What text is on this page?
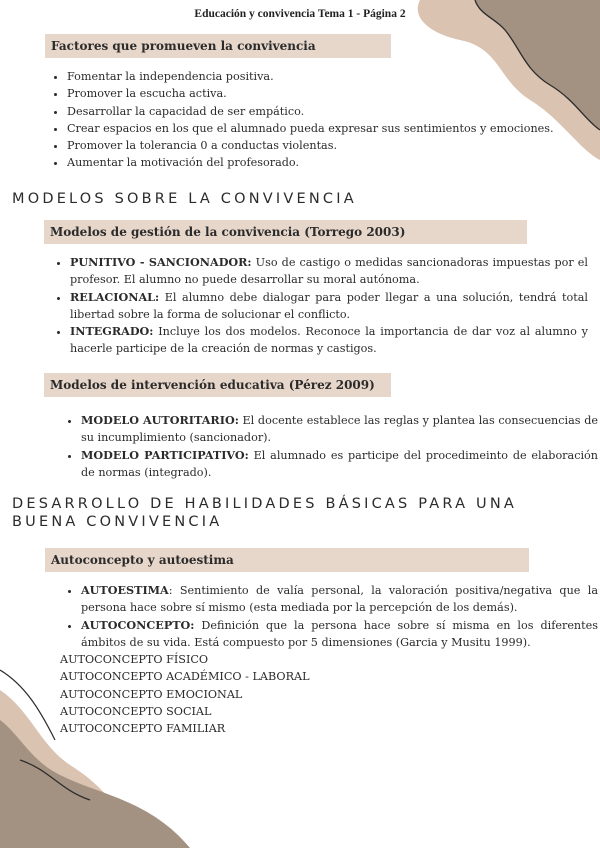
Educación y convivencia Tema 1 - Página 2
Factores que promueven la convivencia
• Fomentar la independencia positiva.
• Promover la escucha activa.
• Desarrollar la capacidad de ser empático.
• Crear espacios en los que el alumnado pueda expresar sus sentimientos y emociones.
• Promover la tolerancia 0 a conductas violentas.
• Aumentar la motivación del profesorado.
MODELOS SOBRE LA CONVIVENCIA
Modelos de gestión de la convivencia (Torrego 2003)
• PUNITIVO - SANCIONADOR: Uso de castigo o medidas sancionadoras impuestas por el profesor. El alumno no puede desarrollar su moral autónoma.
• RELACIONAL: El alumno debe dialogar para poder llegar a una solución, tendrá total libertad sobre la forma de solucionar el conflicto.
• INTEGRADO: Incluye los dos modelos. Reconoce la importancia de dar voz al alumno y hacerle participe de la creación de normas y castigos.
Modelos de intervención educativa (Pérez 2009)
• MODELO AUTORITARIO: El docente establece las reglas y plantea las consecuencias de su incumplimiento (sancionador).
• MODELO PARTICIPATIVO: El alumnado es participe del procedimeinto de elaboración de normas (integrado).
DESARROLLO DE HABILIDADES BÁSICAS PARA UNA
BUENA CONVIVENCIA
Autoconcepto y autoestima
• AUTOESTIMA: Sentimiento de valía personal, la valoración positiva/negativa que la persona hace sobre sí mismo (esta mediada por la percepción de los demás).
• AUTOCONCEPTO: Definición que la persona hace sobre sí misma en los diferentes ámbitos de su vida. Está compuesto por 5 dimensiones (Garcia y Musitu 1999).
AUTOCONCEPTO FÍSICO
AUTOCONCEPTO ACADÉMICO - LABORAL
AUTOCONCEPTO EMOCIONAL
AUTOCONCEPTO SOCIAL
AUTOCONCEPTO FAMILIAR
